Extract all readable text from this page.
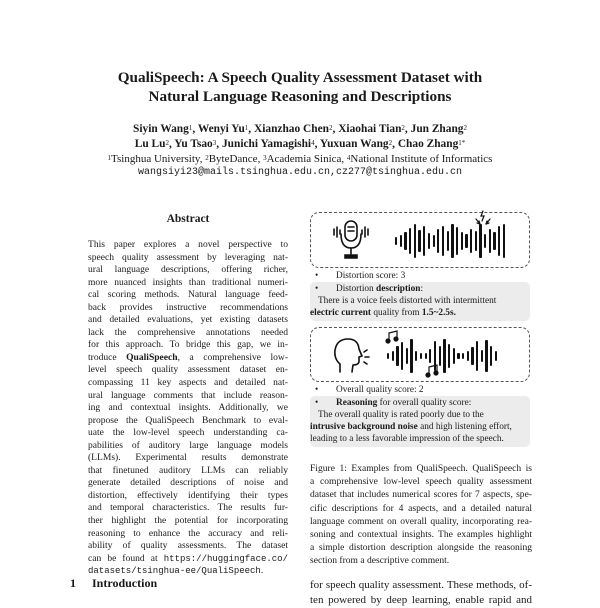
QualiSpeech: A Speech Quality Assessment Dataset with
Natural Language Reasoning and Descriptions
Siyin Wang$^1$, Wenyi Yu$^1$, Xianzhao Chen$^2$, Xiaohai Tian$^2$, Jun Zhang$^2$
Lu Lu$^2$, Yu Tsao$^3$, Junichi Yamagishi$^4$, Yuxuan Wang$^2$, Chao Zhang$^{1*}$
$^1$Tsinghua University, $^2$ByteDance, $^3$Academia Sinica, $^4$National Institute of Informatics
wangsiyi23@mails.tsinghua.edu.cn,cz277@tsinghua.edu.cn
Abstract
This paper explores a novel perspective to
speech quality assessment by leveraging nat-
ural language descriptions, offering richer,
more nuanced insights than traditional numeri-
cal scoring methods. Natural language feed-
back provides instructive recommendations
and detailed evaluations, yet existing datasets
lack the comprehensive annotations needed
for this approach. To bridge this gap, we in-
troduce QualiSpeech, a comprehensive low-
level speech quality assessment dataset en-
compassing 11 key aspects and detailed nat-
ural language comments that include reason-
ing and contextual insights. Additionally, we
propose the QualiSpeech Benchmark to eval-
uate the low-level speech understanding ca-
pabilities of auditory large language models
(LLMs). Experimental results demonstrate
that finetuned auditory LLMs can reliably
generate detailed descriptions of noise and
distortion, effectively identifying their types
and temporal characteristics. The results fur-
ther highlight the potential for incorporating
reasoning to enhance the accuracy and reli-
ability of quality assessments. The dataset
can be found at https://huggingface.co/
datasets/tsinghua-ee/QualiSpeech.
1 Introduction
• Distortion score: 3
• Distortion description:
There is a voice feels distorted with intermittent
electric current quality from 1.5~2.5s.
• Overall quality score: 2
• Reasoning for overall quality score:
The overall quality is rated poorly due to the
intrusive background noise and high listening effort,
leading to a less favorable impression of the speech.
Figure 1: Examples from QualiSpeech. QualiSpeech is
a comprehensive low-level speech quality assessment
dataset that includes numerical scores for 7 aspects, spe-
cific descriptions for 4 aspects, and a detailed natural
language comment on overall quality, incorporating rea-
soning and contextual insights. The examples highlight
a simple distortion description alongside the reasoning
section from a descriptive comment.
for speech quality assessment. These methods, of-
ten powered by deep learning, enable rapid and
